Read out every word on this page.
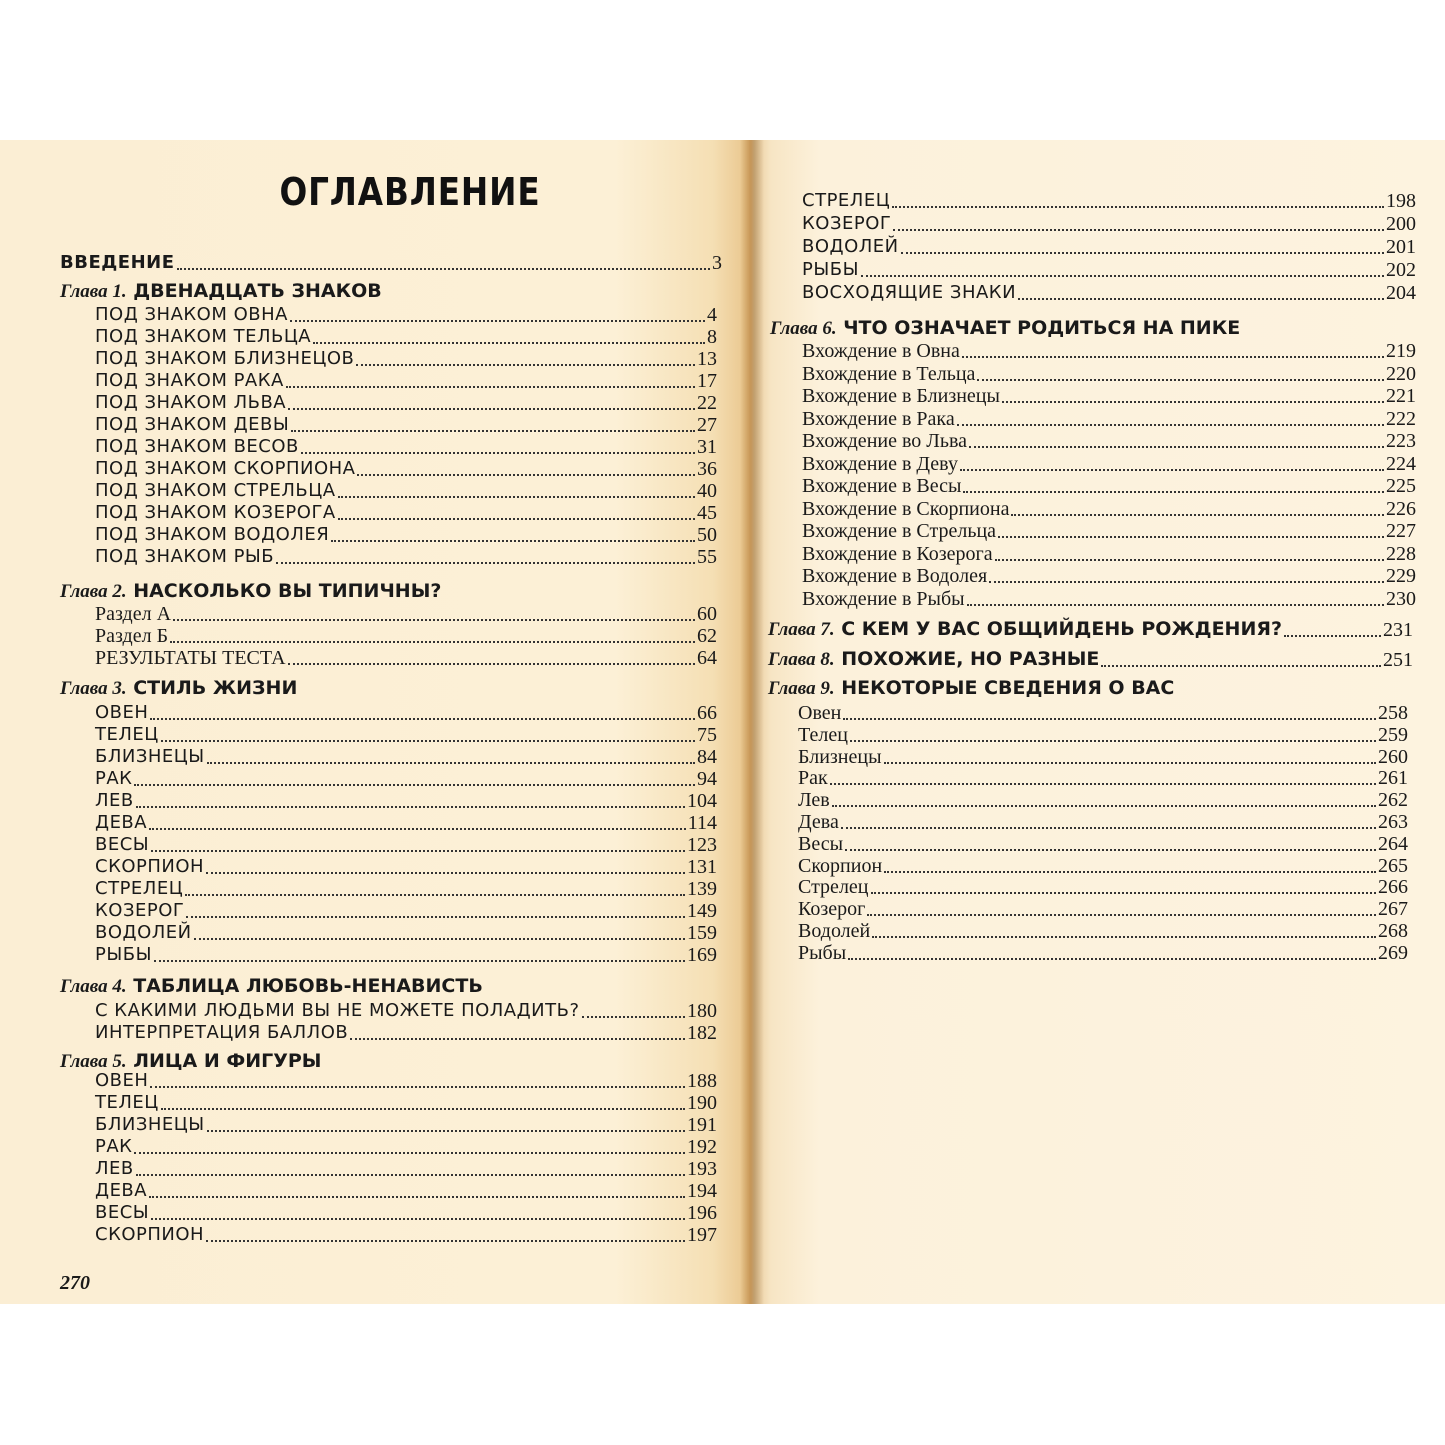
ОГЛАВЛЕНИЕ
ВВЕДЕНИЕ	3
Глава 1. ДВЕНАДЦАТЬ ЗНАКОВ
ПОД ЗНАКОМ ОВНА	4
ПОД ЗНАКОМ ТЕЛЬЦА	8
ПОД ЗНАКОМ БЛИЗНЕЦОВ	13
ПОД ЗНАКОМ РАКА	17
ПОД ЗНАКОМ ЛЬВА	22
ПОД ЗНАКОМ ДЕВЫ	27
ПОД ЗНАКОМ ВЕСОВ	31
ПОД ЗНАКОМ СКОРПИОНА	36
ПОД ЗНАКОМ СТРЕЛЬЦА	40
ПОД ЗНАКОМ КОЗЕРОГА	45
ПОД ЗНАКОМ ВОДОЛЕЯ	50
ПОД ЗНАКОМ РЫБ	55
Глава 2. НАСКОЛЬКО ВЫ ТИПИЧНЫ?
Раздел А	60
Раздел Б	62
РЕЗУЛЬТАТЫ ТЕСТА	64
Глава 3. СТИЛЬ ЖИЗНИ
ОВЕН	66
ТЕЛЕЦ	75
БЛИЗНЕЦЫ	84
РАК	94
ЛЕВ	104
ДЕВА	114
ВЕСЫ	123
СКОРПИОН	131
СТРЕЛЕЦ	139
КОЗЕРОГ	149
ВОДОЛЕЙ	159
РЫБЫ	169
Глава 4. ТАБЛИЦА ЛЮБОВЬ-НЕНАВИСТЬ
С КАКИМИ ЛЮДЬМИ ВЫ НЕ МОЖЕТЕ ПОЛАДИТЬ?	180
ИНТЕРПРЕТАЦИЯ БАЛЛОВ	182
Глава 5. ЛИЦА И ФИГУРЫ
ОВЕН	188
ТЕЛЕЦ	190
БЛИЗНЕЦЫ	191
РАК	192
ЛЕВ	193
ДЕВА	194
ВЕСЫ	196
СКОРПИОН	197
270
СТРЕЛЕЦ	198
КОЗЕРОГ	200
ВОДОЛЕЙ	201
РЫБЫ	202
ВОСХОДЯЩИЕ ЗНАКИ	204
Глава 6. ЧТО ОЗНАЧАЕТ РОДИТЬСЯ НА ПИКЕ
Вхождение в Овна	219
Вхождение в Тельца	220
Вхождение в Близнецы	221
Вхождение в Рака	222
Вхождение во Льва	223
Вхождение в Деву	224
Вхождение в Весы	225
Вхождение в Скорпиона	226
Вхождение в Стрельца	227
Вхождение в Козерога	228
Вхождение в Водолея	229
Вхождение в Рыбы	230
Глава 7. С КЕМ У ВАС ОБЩИЙДЕНЬ РОЖДЕНИЯ?	231
Глава 8. ПОХОЖИЕ, НО РАЗНЫЕ	251
Глава 9. НЕКОТОРЫЕ СВЕДЕНИЯ О ВАС
Овен	258
Телец	259
Близнецы	260
Рак	261
Лев	262
Дева	263
Весы	264
Скорпион	265
Стрелец	266
Козерог	267
Водолей	268
Рыбы	269
